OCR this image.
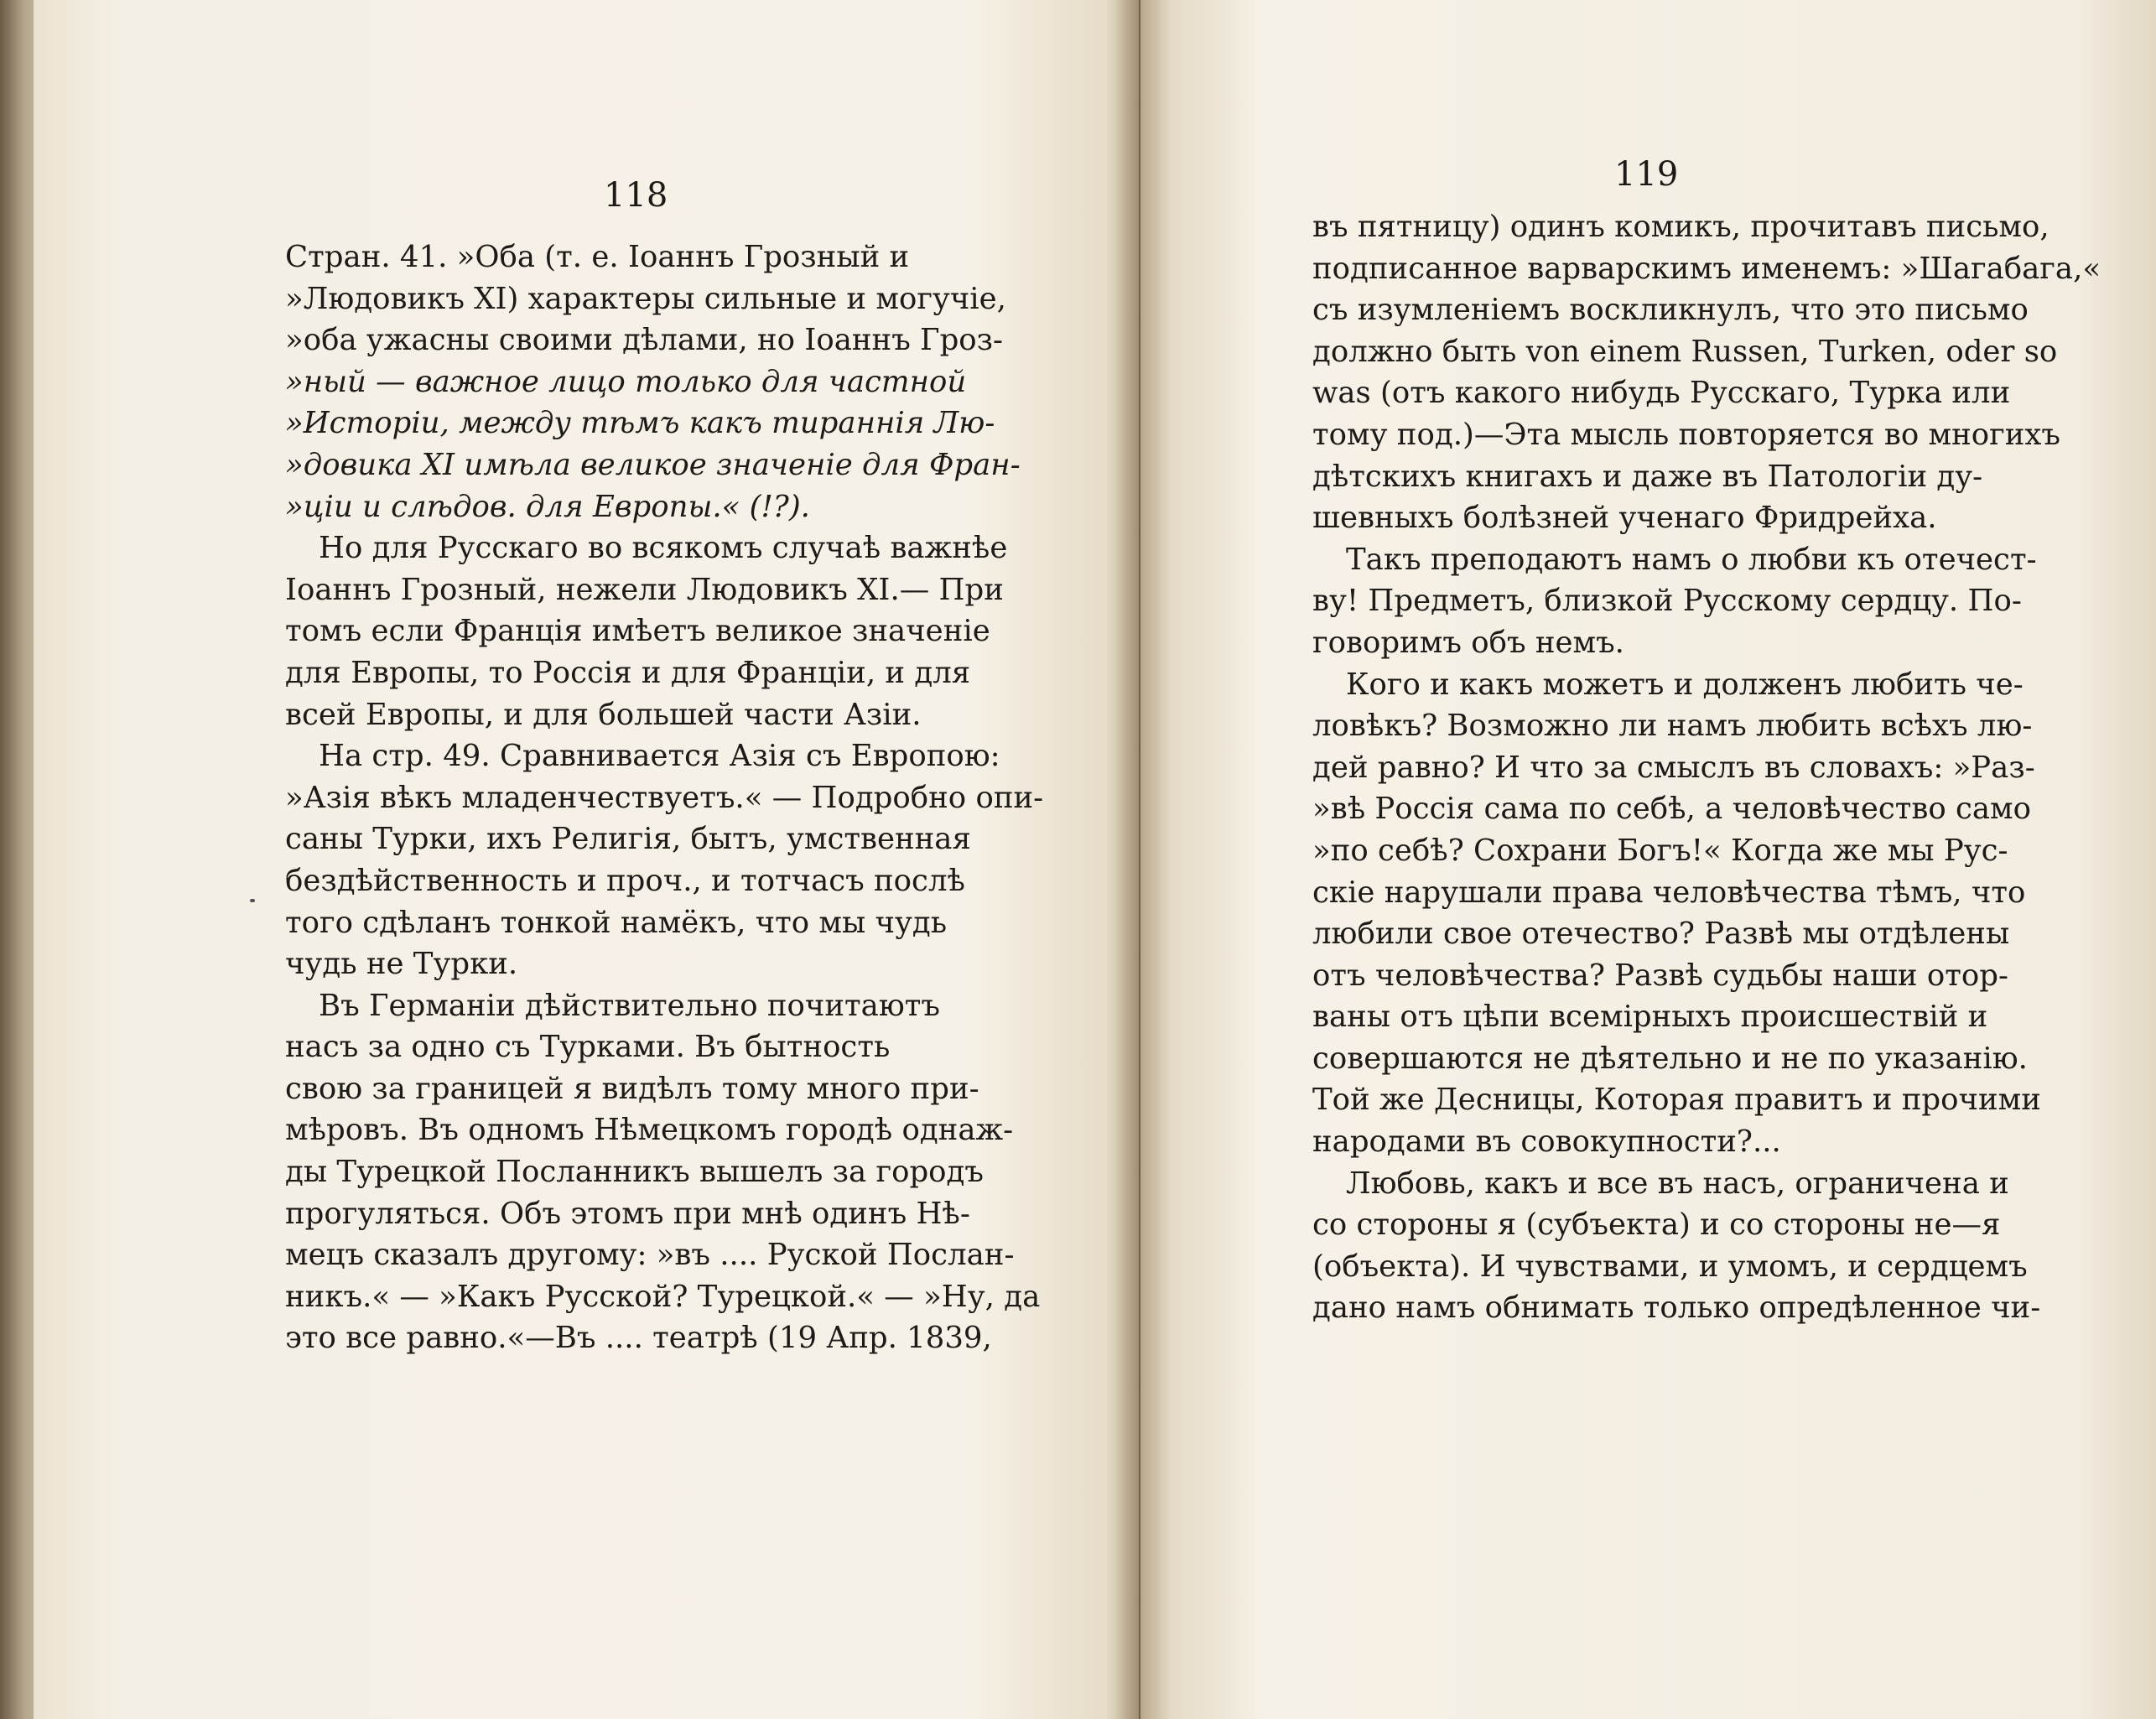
118
Стран. 41. »Оба (т. е. Іоаннъ Грозный и
»Людовикъ XI) характеры сильные и могучіе,
»оба ужасны своими дѣлами, но Іоаннъ Гроз-
»ный — важное лицо только для частной
»Исторіи, между тѣмъ какъ тираннія Лю-
»довика XI имѣла великое значеніе для Фран-
»ціи и слѣдов. для Европы.« (!?).
Но для Русскаго во всякомъ случаѣ важнѣе
Іоаннъ Грозный, нежели Людовикъ XI.— При
томъ если Франція имѣетъ великое значеніе
для Европы, то Россія и для Франціи, и для
всей Европы, и для большей части Азіи.
На стр. 49. Сравнивается Азія съ Европою:
»Азія вѣкъ младенчествуетъ.« — Подробно опи-
саны Турки, ихъ Религія, бытъ, умственная
бездѣйственность и проч., и тотчасъ послѣ
того сдѣланъ тонкой намёкъ, что мы чудь
чудь не Турки.
Въ Германіи дѣйствительно почитаютъ
насъ за одно съ Турками. Въ бытность
свою за границей я видѣлъ тому много при-
мѣровъ. Въ одномъ Нѣмецкомъ городѣ однаж-
ды Турецкой Посланникъ вышелъ за городъ
прогуляться. Объ этомъ при мнѣ одинъ Нѣ-
мецъ сказалъ другому: »въ .... Руской Послан-
никъ.« — »Какъ Русской? Турецкой.« — »Ну, да
это все равно.«—Въ .... театрѣ (19 Апр. 1839,
119
въ пятницу) одинъ комикъ, прочитавъ письмо,
подписанное варварскимъ именемъ: »Шагабага,«
съ изумленіемъ воскликнулъ, что это письмо
должно быть von einem Russen, Turken, oder so
was (отъ какого нибудь Русскаго, Турка или
тому под.)—Эта мысль повторяется во многихъ
дѣтскихъ книгахъ и даже въ Патологіи ду-
шевныхъ болѣзней ученаго Фридрейха.
Такъ преподаютъ намъ о любви къ отечест-
ву! Предметъ, близкой Русскому сердцу. По-
говоримъ объ немъ.
Кого и какъ можетъ и долженъ любить че-
ловѣкъ? Возможно ли намъ любить всѣхъ лю-
дей равно? И что за смыслъ въ словахъ: »Раз-
»вѣ Россія сама по себѣ, а человѣчество само
»по себѣ? Сохрани Богъ!« Когда же мы Рус-
скіе нарушали права человѣчества тѣмъ, что
любили свое отечество? Развѣ мы отдѣлены
отъ человѣчества? Развѣ судьбы наши отор-
ваны отъ цѣпи всемірныхъ происшествій и
совершаются не дѣятельно и не по указанію.
Той же Десницы, Которая правитъ и прочими
народами въ совокупности?...
Любовь, какъ и все въ насъ, ограничена и
со стороны я (субъекта) и со стороны не—я
(объекта). И чувствами, и умомъ, и сердцемъ
дано намъ обнимать только опредѣленное чи-
